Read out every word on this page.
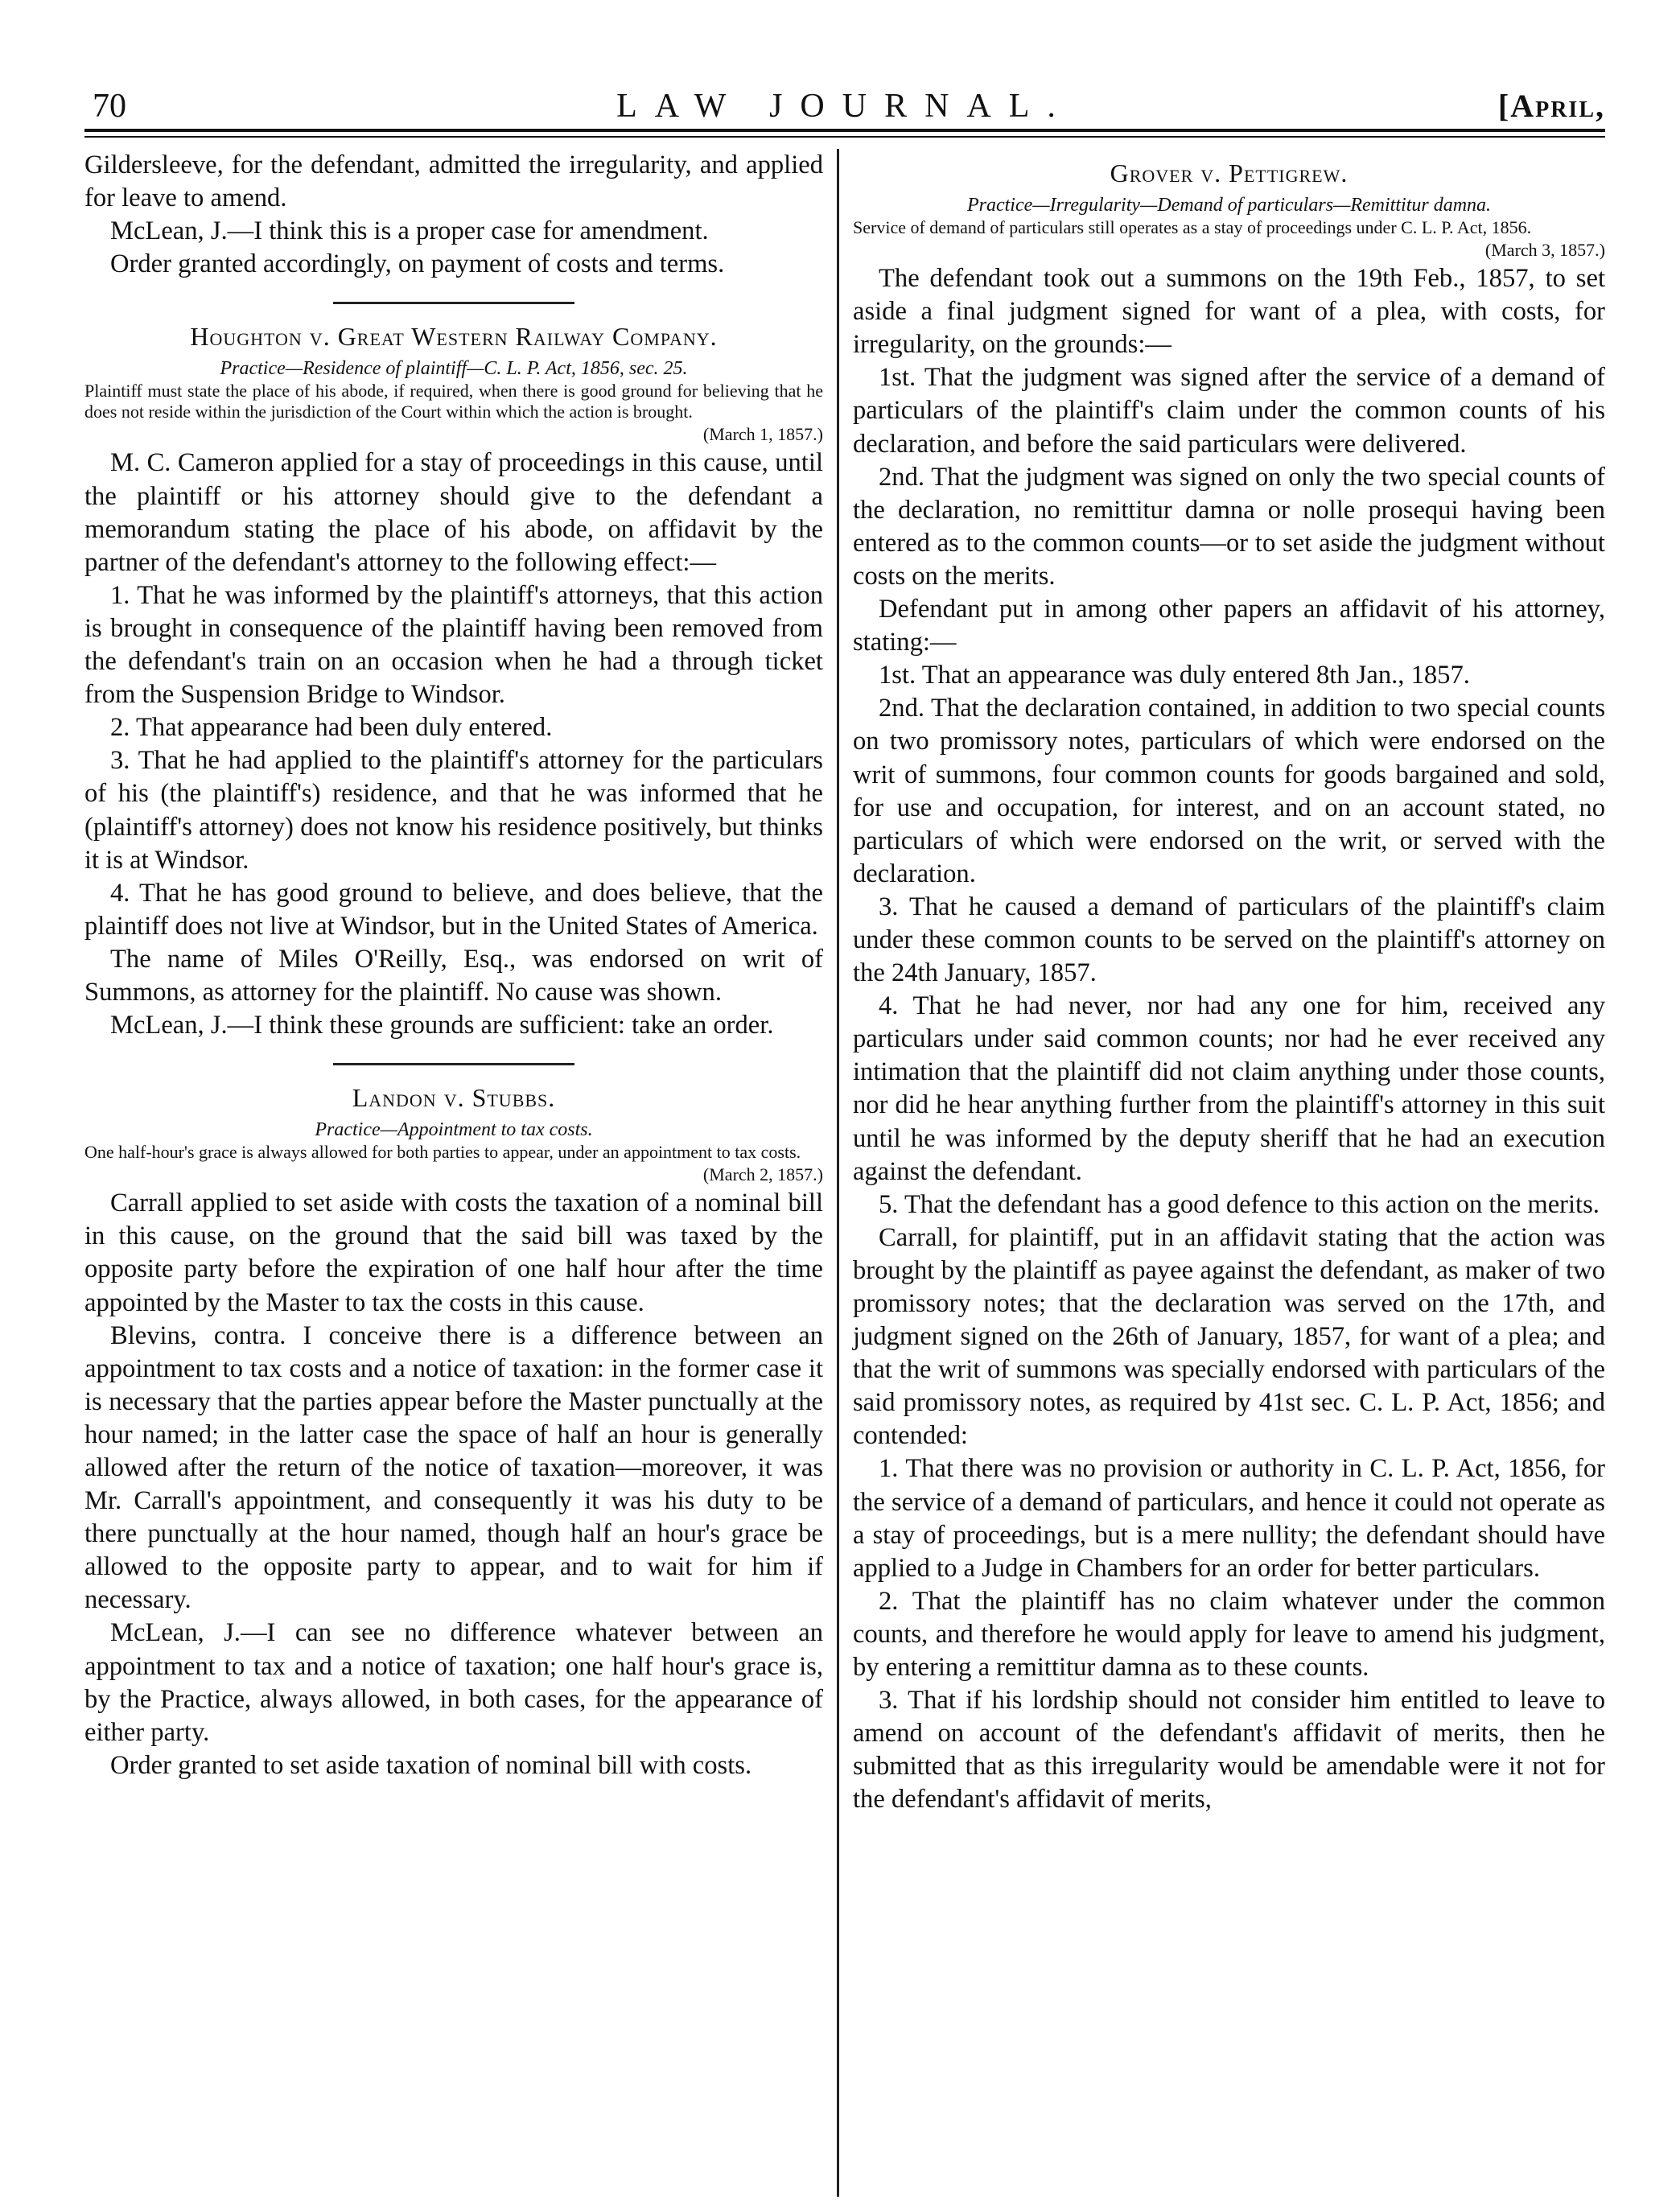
70	LAW JOURNAL.	[April,

Gildersleeve, for the defendant, admitted the irregularity, and applied for leave to amend.

McLean, J.—I think this is a proper case for amendment.

Order granted accordingly, on payment of costs and terms.

Houghton v. Great Western Railway Company.

Practice—Residence of plaintiff—C. L. P. Act, 1856, sec. 25.

Plaintiff must state the place of his abode, if required, when there is good ground for believing that he does not reside within the jurisdiction of the Court within which the action is brought.

(March 1, 1857.)

M. C. Cameron applied for a stay of proceedings in this cause, until the plaintiff or his attorney should give to the defendant a memorandum stating the place of his abode, on affidavit by the partner of the defendant's attorney to the following effect:—

1. That he was informed by the plaintiff's attorneys, that this action is brought in consequence of the plaintiff having been removed from the defendant's train on an occasion when he had a through ticket from the Suspension Bridge to Windsor.

2. That appearance had been duly entered.

3. That he had applied to the plaintiff's attorney for the particulars of his (the plaintiff's) residence, and that he was informed that he (plaintiff's attorney) does not know his residence positively, but thinks it is at Windsor.

4. That he has good ground to believe, and does believe, that the plaintiff does not live at Windsor, but in the United States of America.

The name of Miles O'Reilly, Esq., was endorsed on writ of Summons, as attorney for the plaintiff. No cause was shown.

McLean, J.—I think these grounds are sufficient: take an order.

Landon v. Stubbs.

Practice—Appointment to tax costs.

One half-hour's grace is always allowed for both parties to appear, under an appointment to tax costs.

(March 2, 1857.)

Carrall applied to set aside with costs the taxation of a nominal bill in this cause, on the ground that the said bill was taxed by the opposite party before the expiration of one half hour after the time appointed by the Master to tax the costs in this cause.

Blevins, contra. I conceive there is a difference between an appointment to tax costs and a notice of taxation: in the former case it is necessary that the parties appear before the Master punctually at the hour named; in the latter case the space of half an hour is generally allowed after the return of the notice of taxation—moreover, it was Mr. Carrall's appointment, and consequently it was his duty to be there punctually at the hour named, though half an hour's grace be allowed to the opposite party to appear, and to wait for him if necessary.

McLean, J.—I can see no difference whatever between an appointment to tax and a notice of taxation; one half hour's grace is, by the Practice, always allowed, in both cases, for the appearance of either party.

Order granted to set aside taxation of nominal bill with costs.

Grover v. Pettigrew.

Practice—Irregularity—Demand of particulars—Remittitur damna.

Service of demand of particulars still operates as a stay of proceedings under C. L. P. Act, 1856.

(March 3, 1857.)

The defendant took out a summons on the 19th Feb., 1857, to set aside a final judgment signed for want of a plea, with costs, for irregularity, on the grounds:—

1st. That the judgment was signed after the service of a demand of particulars of the plaintiff's claim under the common counts of his declaration, and before the said particulars were delivered.

2nd. That the judgment was signed on only the two special counts of the declaration, no remittitur damna or nolle prosequi having been entered as to the common counts—or to set aside the judgment without costs on the merits.

Defendant put in among other papers an affidavit of his attorney, stating:—

1st. That an appearance was duly entered 8th Jan., 1857.

2nd. That the declaration contained, in addition to two special counts on two promissory notes, particulars of which were endorsed on the writ of summons, four common counts for goods bargained and sold, for use and occupation, for interest, and on an account stated, no particulars of which were endorsed on the writ, or served with the declaration.

3. That he caused a demand of particulars of the plaintiff's claim under these common counts to be served on the plaintiff's attorney on the 24th January, 1857.

4. That he had never, nor had any one for him, received any particulars under said common counts; nor had he ever received any intimation that the plaintiff did not claim anything under those counts, nor did he hear anything further from the plaintiff's attorney in this suit until he was informed by the deputy sheriff that he had an execution against the defendant.

5. That the defendant has a good defence to this action on the merits.

Carrall, for plaintiff, put in an affidavit stating that the action was brought by the plaintiff as payee against the defendant, as maker of two promissory notes; that the declaration was served on the 17th, and judgment signed on the 26th of January, 1857, for want of a plea; and that the writ of summons was specially endorsed with particulars of the said promissory notes, as required by 41st sec. C. L. P. Act, 1856; and contended:

1. That there was no provision or authority in C. L. P. Act, 1856, for the service of a demand of particulars, and hence it could not operate as a stay of proceedings, but is a mere nullity; the defendant should have applied to a Judge in Chambers for an order for better particulars.

2. That the plaintiff has no claim whatever under the common counts, and therefore he would apply for leave to amend his judgment, by entering a remittitur damna as to these counts.

3. That if his lordship should not consider him entitled to leave to amend on account of the defendant's affidavit of merits, then he submitted that as this irregularity would be amendable were it not for the defendant's affidavit of merits,
